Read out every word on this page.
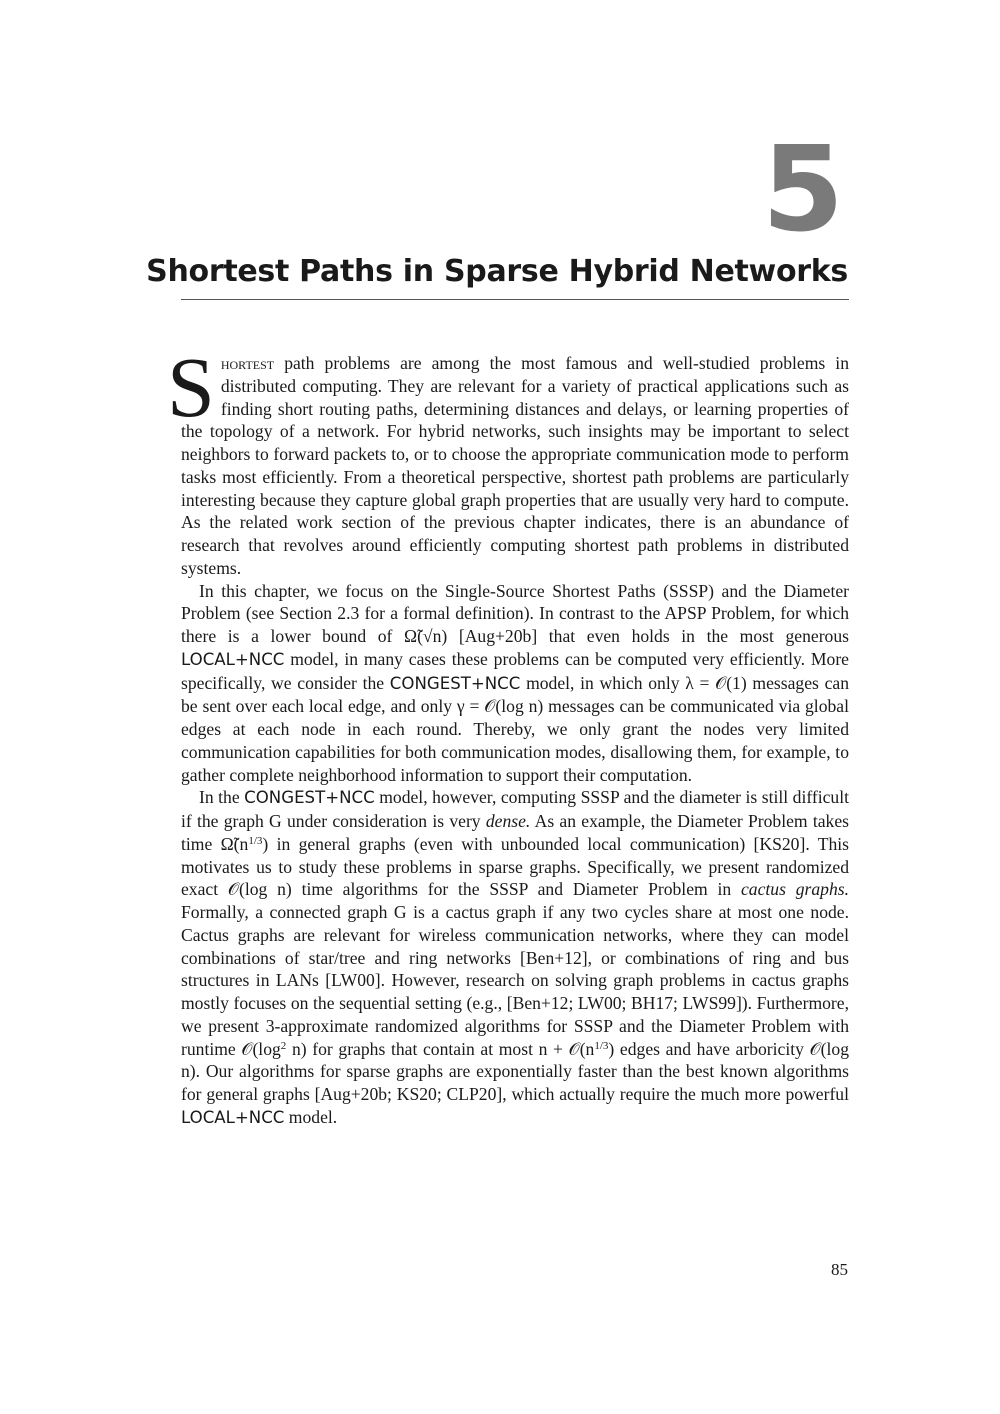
5
Shortest Paths in Sparse Hybrid Networks

Shortest path problems are among the most famous and well-studied problems in distributed computing. They are relevant for a variety of practical applications such as finding short routing paths, determining distances and delays, or learning properties of the topology of a network. For hybrid networks, such insights may be important to select neighbors to forward packets to, or to choose the appropriate communication mode to perform tasks most efficiently. From a theoretical perspective, shortest path problems are particularly interesting because they capture global graph properties that are usually very hard to compute. As the related work section of the previous chapter indicates, there is an abundance of research that revolves around efficiently computing shortest path problems in distributed systems.

In this chapter, we focus on the Single-Source Shortest Paths (SSSP) and the Diameter Problem (see Section 2.3 for a formal definition). In contrast to the APSP Problem, for which there is a lower bound of Ω̃(√n) [Aug+20b] that even holds in the most generous LOCAL+NCC model, in many cases these problems can be computed very efficiently. More specifically, we consider the CONGEST+NCC model, in which only λ = 𝒪(1) messages can be sent over each local edge, and only γ = 𝒪(log n) messages can be communicated via global edges at each node in each round. Thereby, we only grant the nodes very limited communication capabilities for both communication modes, disallowing them, for example, to gather complete neighborhood information to support their computation.

In the CONGEST+NCC model, however, computing SSSP and the diameter is still difficult if the graph G under consideration is very dense. As an example, the Diameter Problem takes time $\Omegã(n^{1/3})$ in general graphs (even with unbounded local communication) [KS20]. This motivates us to study these problems in sparse graphs. Specifically, we present randomized exact 𝒪(log n) time algorithms for the SSSP and Diameter Problem in cactus graphs. Formally, a connected graph G is a cactus graph if any two cycles share at most one node. Cactus graphs are relevant for wireless communication networks, where they can model combinations of star/tree and ring networks [Ben+12], or combinations of ring and bus structures in LANs [LW00]. However, research on solving graph problems in cactus graphs mostly focuses on the sequential setting (e.g., [Ben+12; LW00; BH17; LWS99]). Furthermore, we present 3-approximate randomized algorithms for SSSP and the Diameter Problem with runtime $𝒪(\log^2$ n) for graphs that contain at most $n + 𝒪(n^{1/3})$ edges and have arboricity 𝒪(log n). Our algorithms for sparse graphs are exponentially faster than the best known algorithms for general graphs [Aug+20b; KS20; CLP20], which actually require the much more powerful LOCAL+NCC model.

85
